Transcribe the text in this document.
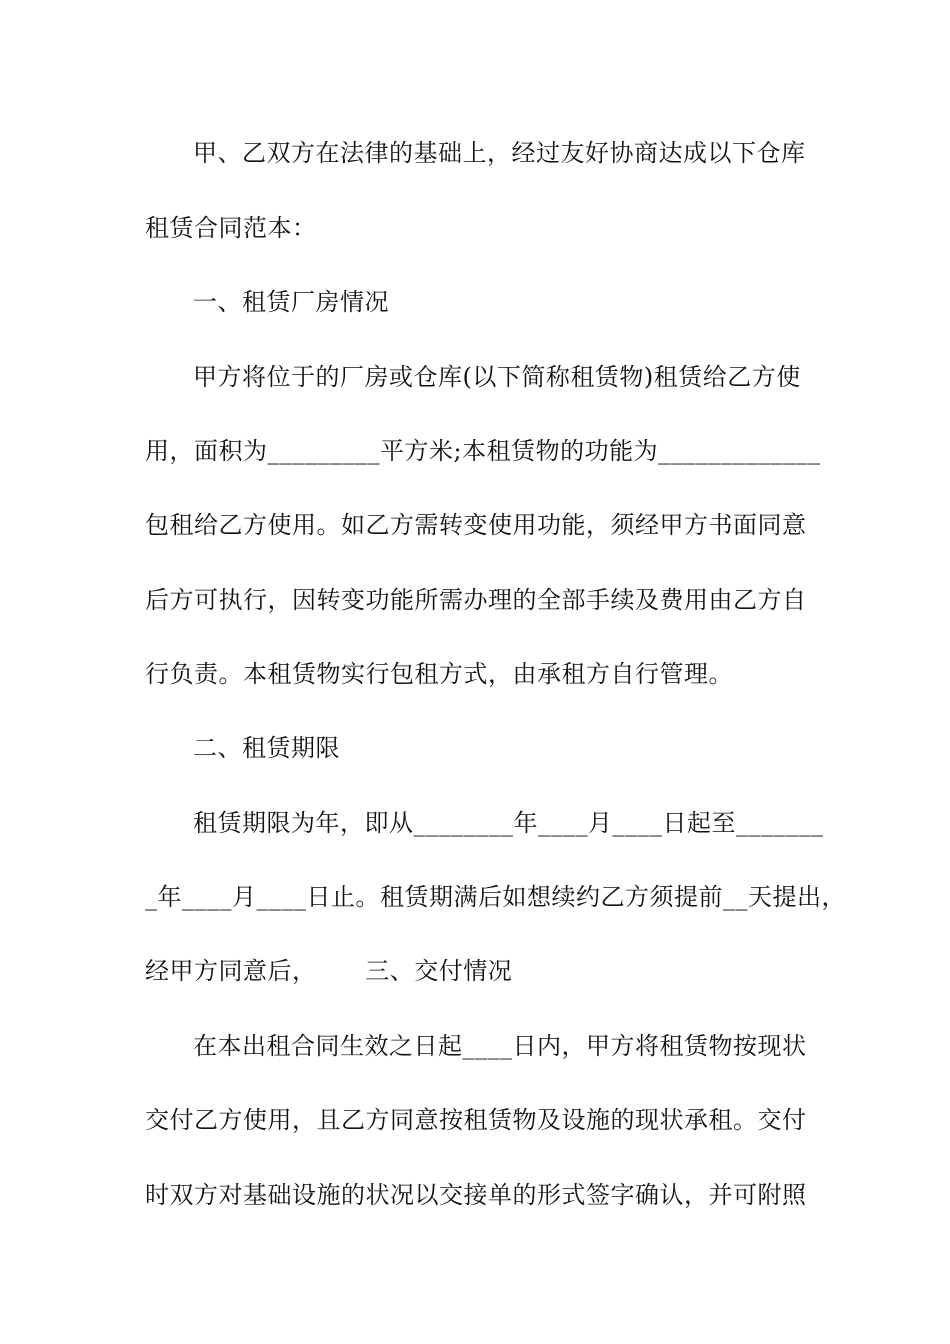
甲、乙双方在法律的基础上，经过友好协商达成以下仓库
租赁合同范本：
一、租赁厂房情况
甲方将位于的厂房或仓库(以下简称租赁物)租赁给乙方使
用，面积为_________平方米;本租赁物的功能为_____________
包租给乙方使用。如乙方需转变使用功能，须经甲方书面同意
后方可执行，因转变功能所需办理的全部手续及费用由乙方自
行负责。本租赁物实行包租方式，由承租方自行管理。
二、租赁期限
租赁期限为年，即从________年____月____日起至_______
_年____月____日止。租赁期满后如想续约乙方须提前__天提出，
经甲方同意后，      三、交付情况
在本出租合同生效之日起____日内，甲方将租赁物按现状
交付乙方使用，且乙方同意按租赁物及设施的现状承租。交付
时双方对基础设施的状况以交接单的形式签字确认，并可附照
